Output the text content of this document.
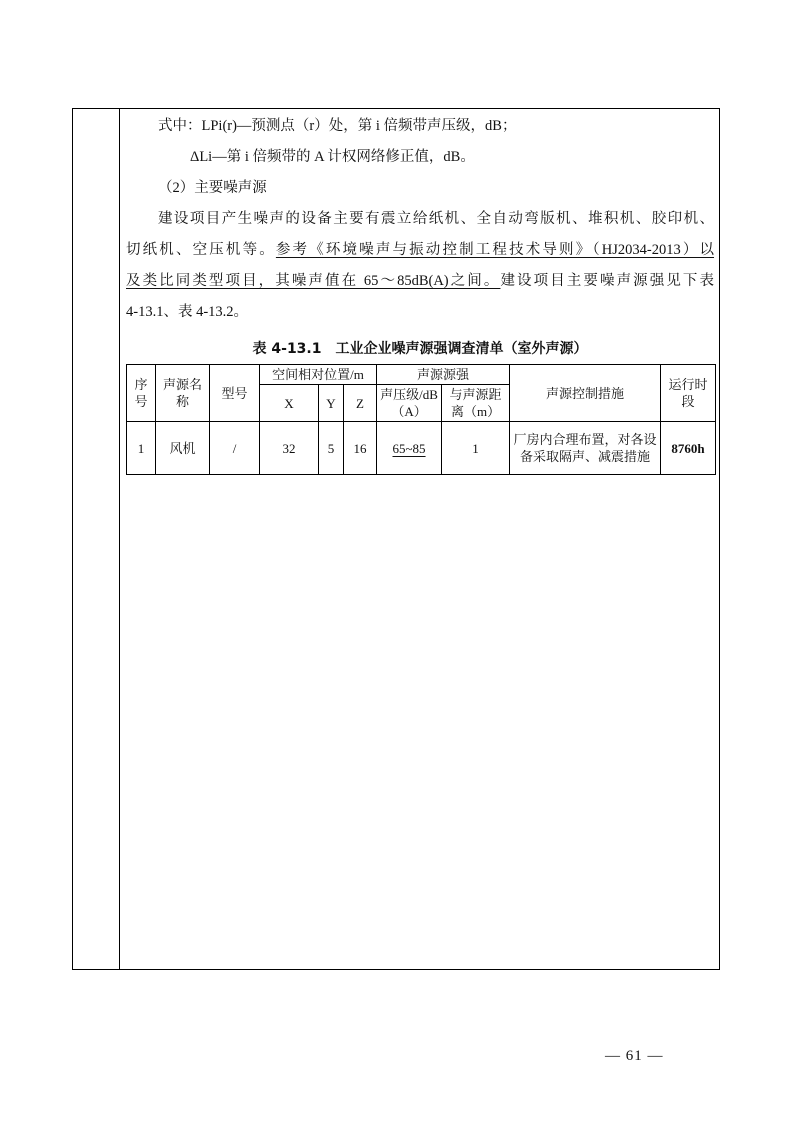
式中：LPi(r)—预测点（r）处，第 i 倍频带声压级，dB；
ΔLi—第 i 倍频带的 A 计权网络修正值，dB。
（2）主要噪声源
建设项目产生噪声的设备主要有震立给纸机、全自动弯版机、堆积机、胶印机、
切纸机、空压机等。参考《环境噪声与振动控制工程技术导则》（HJ2034-2013）以
及类比同类型项目，其噪声值在 65～85dB(A)之间。建设项目主要噪声源强见下表
4-13.1、表 4-13.2。
表 4-13.1　工业企业噪声源强调查清单（室外声源）
序号	声源名称	型号	空间相对位置/m			声源源强		声源控制措施	运行时段
			X	Y	Z	声压级/dB（A）	与声源距离（m）		
1	风机	/	32	5	16	65~85	1	厂房内合理布置，对各设备采取隔声、减震措施	8760h
— 61 —
